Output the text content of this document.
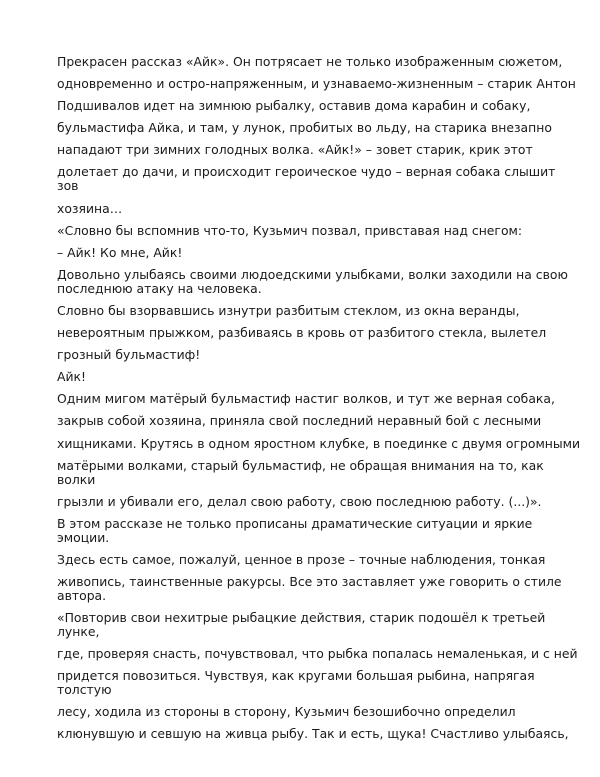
Прекрасен рассказ «Айк». Он потрясает не только изображенным сюжетом,

одновременно и остро-напряженным, и узнаваемо-жизненным – старик Антон

Подшивалов идет на зимнюю рыбалку, оставив дома карабин и собаку,

бульмастифа Айка, и там, у лунок, пробитых во льду, на старика внезапно

нападают три зимних голодных волка. «Айк!» – зовет старик, крик этот

долетает до дачи, и происходит героическое чудо – верная собака слышит
зов

хозяина…

«Словно бы вспомнив что-то, Кузьмич позвал, привставая над снегом:

– Айк! Ко мне, Айк!

Довольно улыбаясь своими людоедскими улыбками, волки заходили на свою
последнюю атаку на человека.

Словно бы взорвавшись изнутри разбитым стеклом, из окна веранды,

невероятным прыжком, разбиваясь в кровь от разбитого стекла, вылетел

грозный бульмастиф!

Айк!

Одним мигом матёрый бульмастиф настиг волков, и тут же верная собака,

закрыв собой хозяина, приняла свой последний неравный бой с лесными

хищниками. Крутясь в одном яростном клубке, в поединке с двумя огромными

матёрыми волками, старый бульмастиф, не обращая внимания на то, как
волки

грызли и убивали его, делал свою работу, свою последнюю работу. (...)».

В этом рассказе не только прописаны драматические ситуации и яркие
эмоции.

Здесь есть самое, пожалуй, ценное в прозе – точные наблюдения, тонкая

живопись, таинственные ракурсы. Все это заставляет уже говорить о стиле
автора.

«Повторив свои нехитрые рыбацкие действия, старик подошёл к третьей
лунке,

где, проверяя снасть, почувствовал, что рыбка попалась немаленькая, и с ней

придется повозиться. Чувствуя, как кругами большая рыбина, напрягая
толстую

лесу, ходила из стороны в сторону, Кузьмич безошибочно определил

клюнувшую и севшую на живца рыбу. Так и есть, щука! Счастливо улыбаясь,
